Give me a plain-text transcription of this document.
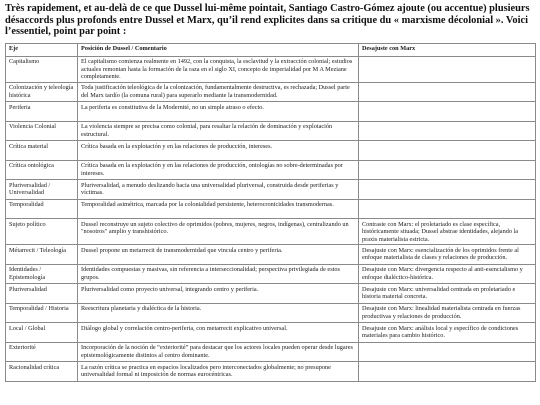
Très rapidement, et au-delà de ce que Dussel lui-même pointait, Santiago Castro-Gómez ajoute (ou accentue) plusieurs désaccords plus profonds entre Dussel et Marx, qu’il rend explicites dans sa critique du « marxisme décolonial ». Voici l’essentiel, point par point :

Eje	Posición de Dussel / Comentario	Desajuste con Marx
Capitalismo	El capitalismo comienza realmente en 1492, con la conquista, la esclavitud y la extracción colonial; estudios actuales remontan hasta la formación de la raza en el siglo XI, concepto de imperialidad por M A Meziane completamente.	
Colonización y teleología histórica	Toda justificación teleológica de la colonización, fundamentalmente destructiva, es rechazada; Dussel parte del Marx tardío (la comuna rural) para superarlo mediante la transmodernidad.	
Periferia	La periferia es constitutiva de la Modernité, no un simple atraso o efecto.	
Violencia Colonial	La violencia siempre se precisa como colonial, para resaltar la relación de dominación y explotación estructural.	
Crítica material	Crítica basada en la explotación y en las relaciones de producción, intereses.	
Crítica ontológica	Crítica basada en la explotación y en las relaciones de producción, ontologías no sobre-determinadas por intereses.	
Pluriversalidad / Universalidad	Pluriversalidad, a menudo deslizando hacia una universalidad pluriversal, construida desde periferias y víctimas.	
Temporalidad	Temporalidad asimétrica, marcada por la colonialidad persistente, heterocronicidades transmodernas.	
Sujeto político	Dussel reconstruye un sujeto colectivo de oprimidos (pobres, mujeres, negros, indígenas), centralizando un "nosotros" amplio y transhistórico.	Contraste con Marx: el proletariado es clase específica, históricamente situada; Dussel abstrae identidades, alejando la praxis materialista estricta.
Métarrecit / Teleología	Dussel propone un metarrecit de transmodernidad que vincula centro y periferia.	Desajuste con Marx: esencialización de los oprimidos frente al enfoque materialista de clases y relaciones de producción.
Identidades / Epistemología	Identidades compuestas y masivas, sin referencia a interseccionalidad; perspectiva privilegiada de estos grupos.	Desajuste con Marx: divergencia respecto al anti-esencialismo y enfoque dialéctico-histórica.
Pluriversalidad	Pluriversalidad como proyecto universal, integrando centro y periferia.	Desajuste con Marx: universalidad centrada en proletariado e historia material concreta.
Temporalidad / Historia	Reescritura planetaria y dialéctica de la historia.	Desajuste con Marx: linealidad materialista centrada en fuerzas productivas y relaciones de producción.
Local / Global	Diálogo global y correlación centro-periferia, con metarrecit explicativo universal.	Desajuste con Marx: análisis local y específico de condiciones materiales para cambio histórico.
Exteriorité	Incorporación de la noción de “exteriorité” para destacar que los actores locales pueden operar desde lugares epistemológicamente distintos al centro dominante.	
Racionalidad crítica	La razón crítica se practica en espacios localizados pero interconectados globalmente; no presupone universalidad formal ni imposición de normas eurocéntricas.	
